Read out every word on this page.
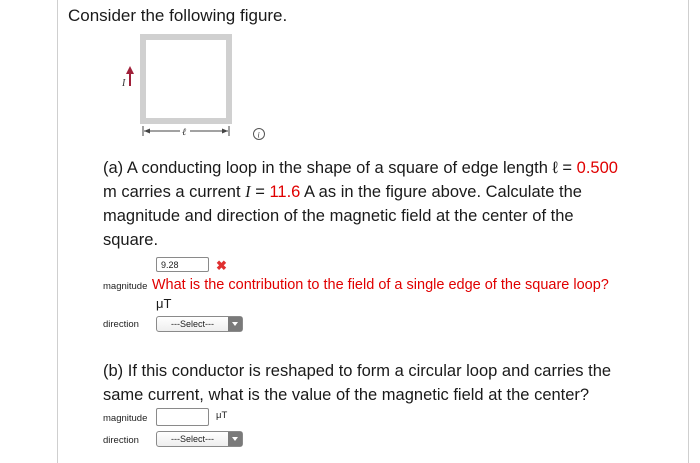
Consider the following figure.
I
ℓ	i
(a) A conducting loop in the shape of a square of edge length ℓ = 0.500
m carries a current I = 11.6 A as in the figure above. Calculate the
magnitude and direction of the magnetic field at the center of the
square.
9.28
✖
magnitude What is the contribution to the field of a single edge of the square loop?
μT
direction	---Select---
(b) If this conductor is reshaped to form a circular loop and carries the
same current, what is the value of the magnetic field at the center?
magnitude	μT
direction	---Select---
